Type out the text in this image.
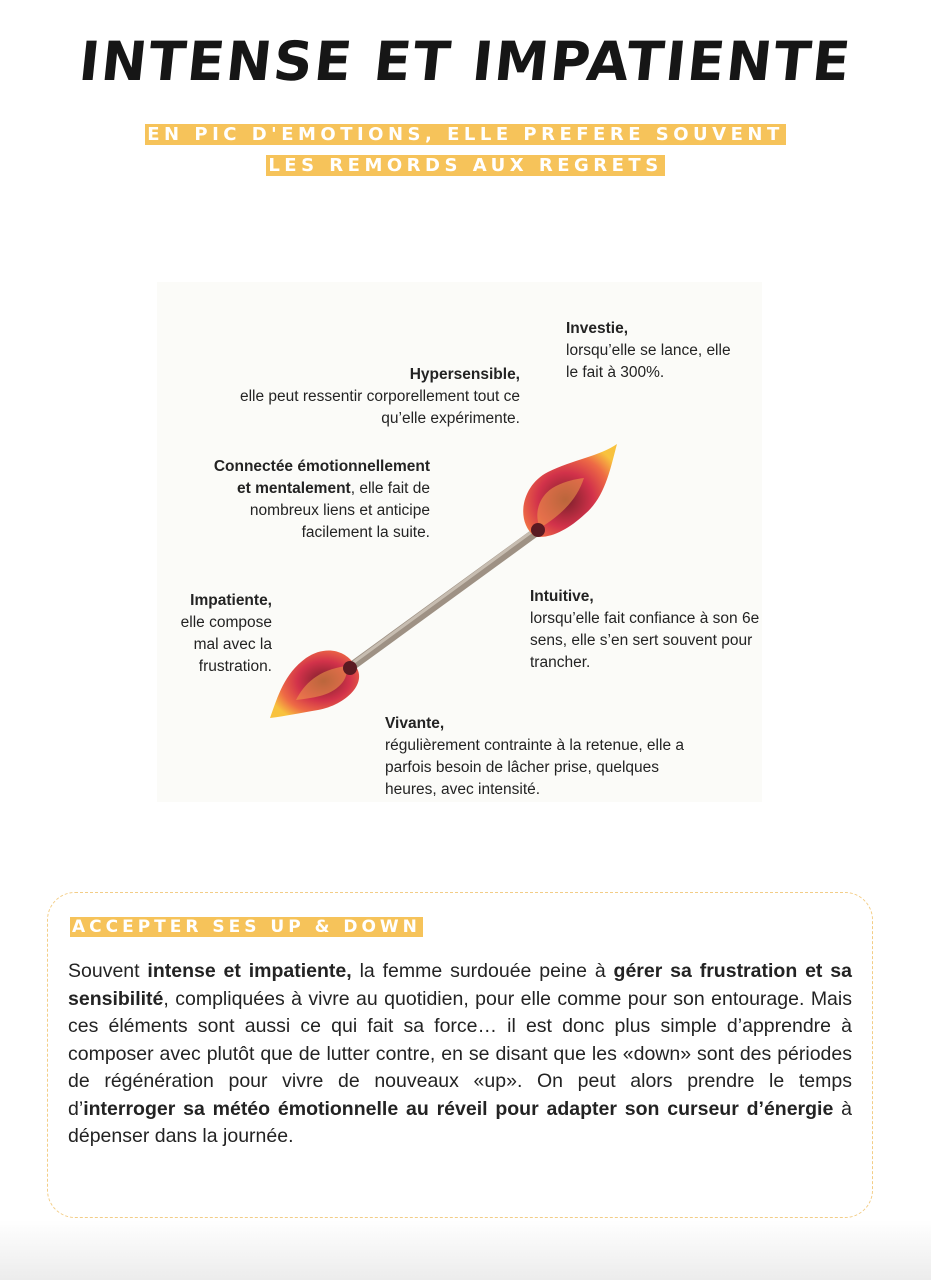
INTENSE ET IMPATIENTE
EN PIC D'EMOTIONS, ELLE PREFERE SOUVENT
LES REMORDS AUX REGRETS
Investie,
lorsqu’elle se lance, elle le fait à 300%.
Hypersensible,
elle peut ressentir corporellement tout ce qu’elle expérimente.
Connectée émotionnellement et mentalement, elle fait de nombreux liens et anticipe facilement la suite.
Impatiente,
elle compose mal avec la frustration.
Intuitive,
lorsqu’elle fait confiance à son 6e sens, elle s’en sert souvent pour trancher.
Vivante,
régulièrement contrainte à la retenue, elle a parfois besoin de lâcher prise, quelques heures, avec intensité.
ACCEPTER SES UP & DOWN

Souvent intense et impatiente, la femme surdouée peine à gérer sa frustration et sa sensibilité, compliquées à vivre au quotidien, pour elle comme pour son entourage. Mais ces éléments sont aussi ce qui fait sa force… il est donc plus simple d’apprendre à composer avec plutôt que de lutter contre, en se disant que les «down» sont des périodes de régénération pour vivre de nouveaux «up». On peut alors prendre le temps d’interroger sa météo émotionnelle au réveil pour adapter son curseur d’énergie à dépenser dans la journée.
